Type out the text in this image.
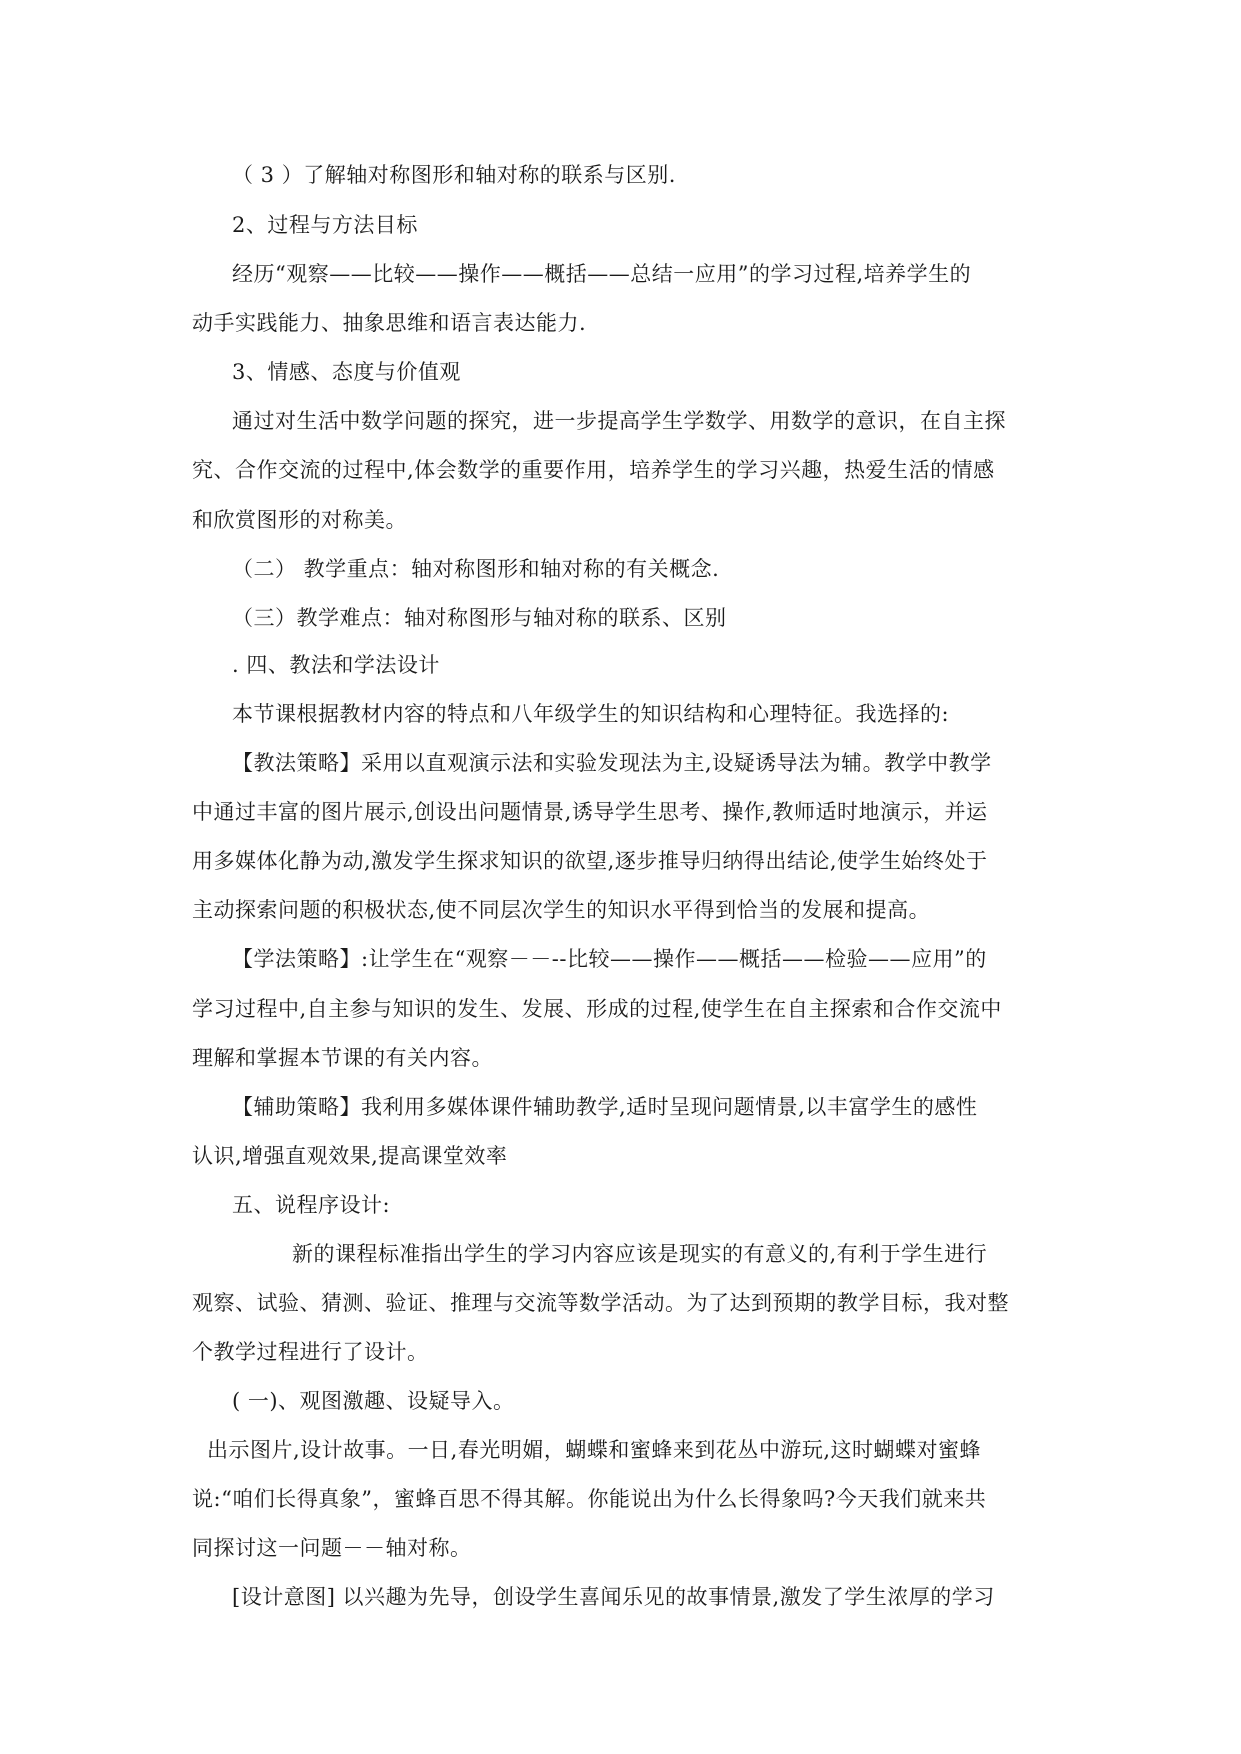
（ 3 ）了解轴对称图形和轴对称的联系与区别.
2、过程与方法目标
经历“观察——比较——操作——概括——总结一应用”的学习过程,培养学生的
动手实践能力、抽象思维和语言表达能力.
3、情感、态度与价值观
通过对生活中数学问题的探究，进一步提高学生学数学、用数学的意识，在自主探
究、合作交流的过程中,体会数学的重要作用，培养学生的学习兴趣，热爱生活的情感
和欣赏图形的对称美。
（二） 教学重点：轴对称图形和轴对称的有关概念.
（三）教学难点：轴对称图形与轴对称的联系、区别
. 四、教法和学法设计
本节课根据教材内容的特点和八年级学生的知识结构和心理特征。我选择的:
【教法策略】采用以直观演示法和实验发现法为主,设疑诱导法为辅。教学中教学
中通过丰富的图片展示,创设出问题情景,诱导学生思考、操作,教师适时地演示，并运
用多媒体化静为动,激发学生探求知识的欲望,逐步推导归纳得出结论,使学生始终处于
主动探索问题的积极状态,使不同层次学生的知识水平得到恰当的发展和提高。
【学法策略】:让学生在“观察－－--比较——操作——概括——检验——应用”的
学习过程中,自主参与知识的发生、发展、形成的过程,使学生在自主探索和合作交流中
理解和掌握本节课的有关内容。
【辅助策略】我利用多媒体课件辅助教学,适时呈现问题情景,以丰富学生的感性
认识,增强直观效果,提高课堂效率
五、说程序设计:
新的课程标准指出学生的学习内容应该是现实的有意义的,有利于学生进行
观察、试验、猜测、验证、推理与交流等数学活动。为了达到预期的教学目标，我对整
个教学过程进行了设计。
( 一)、观图激趣、设疑导入。
出示图片,设计故事。一日,春光明媚，蝴蝶和蜜蜂来到花丛中游玩,这时蝴蝶对蜜蜂
说:“咱们长得真象”，蜜蜂百思不得其解。你能说出为什么长得象吗?今天我们就来共
同探讨这一问题－－轴对称。
[设计意图] 以兴趣为先导，创设学生喜闻乐见的故事情景,激发了学生浓厚的学习
